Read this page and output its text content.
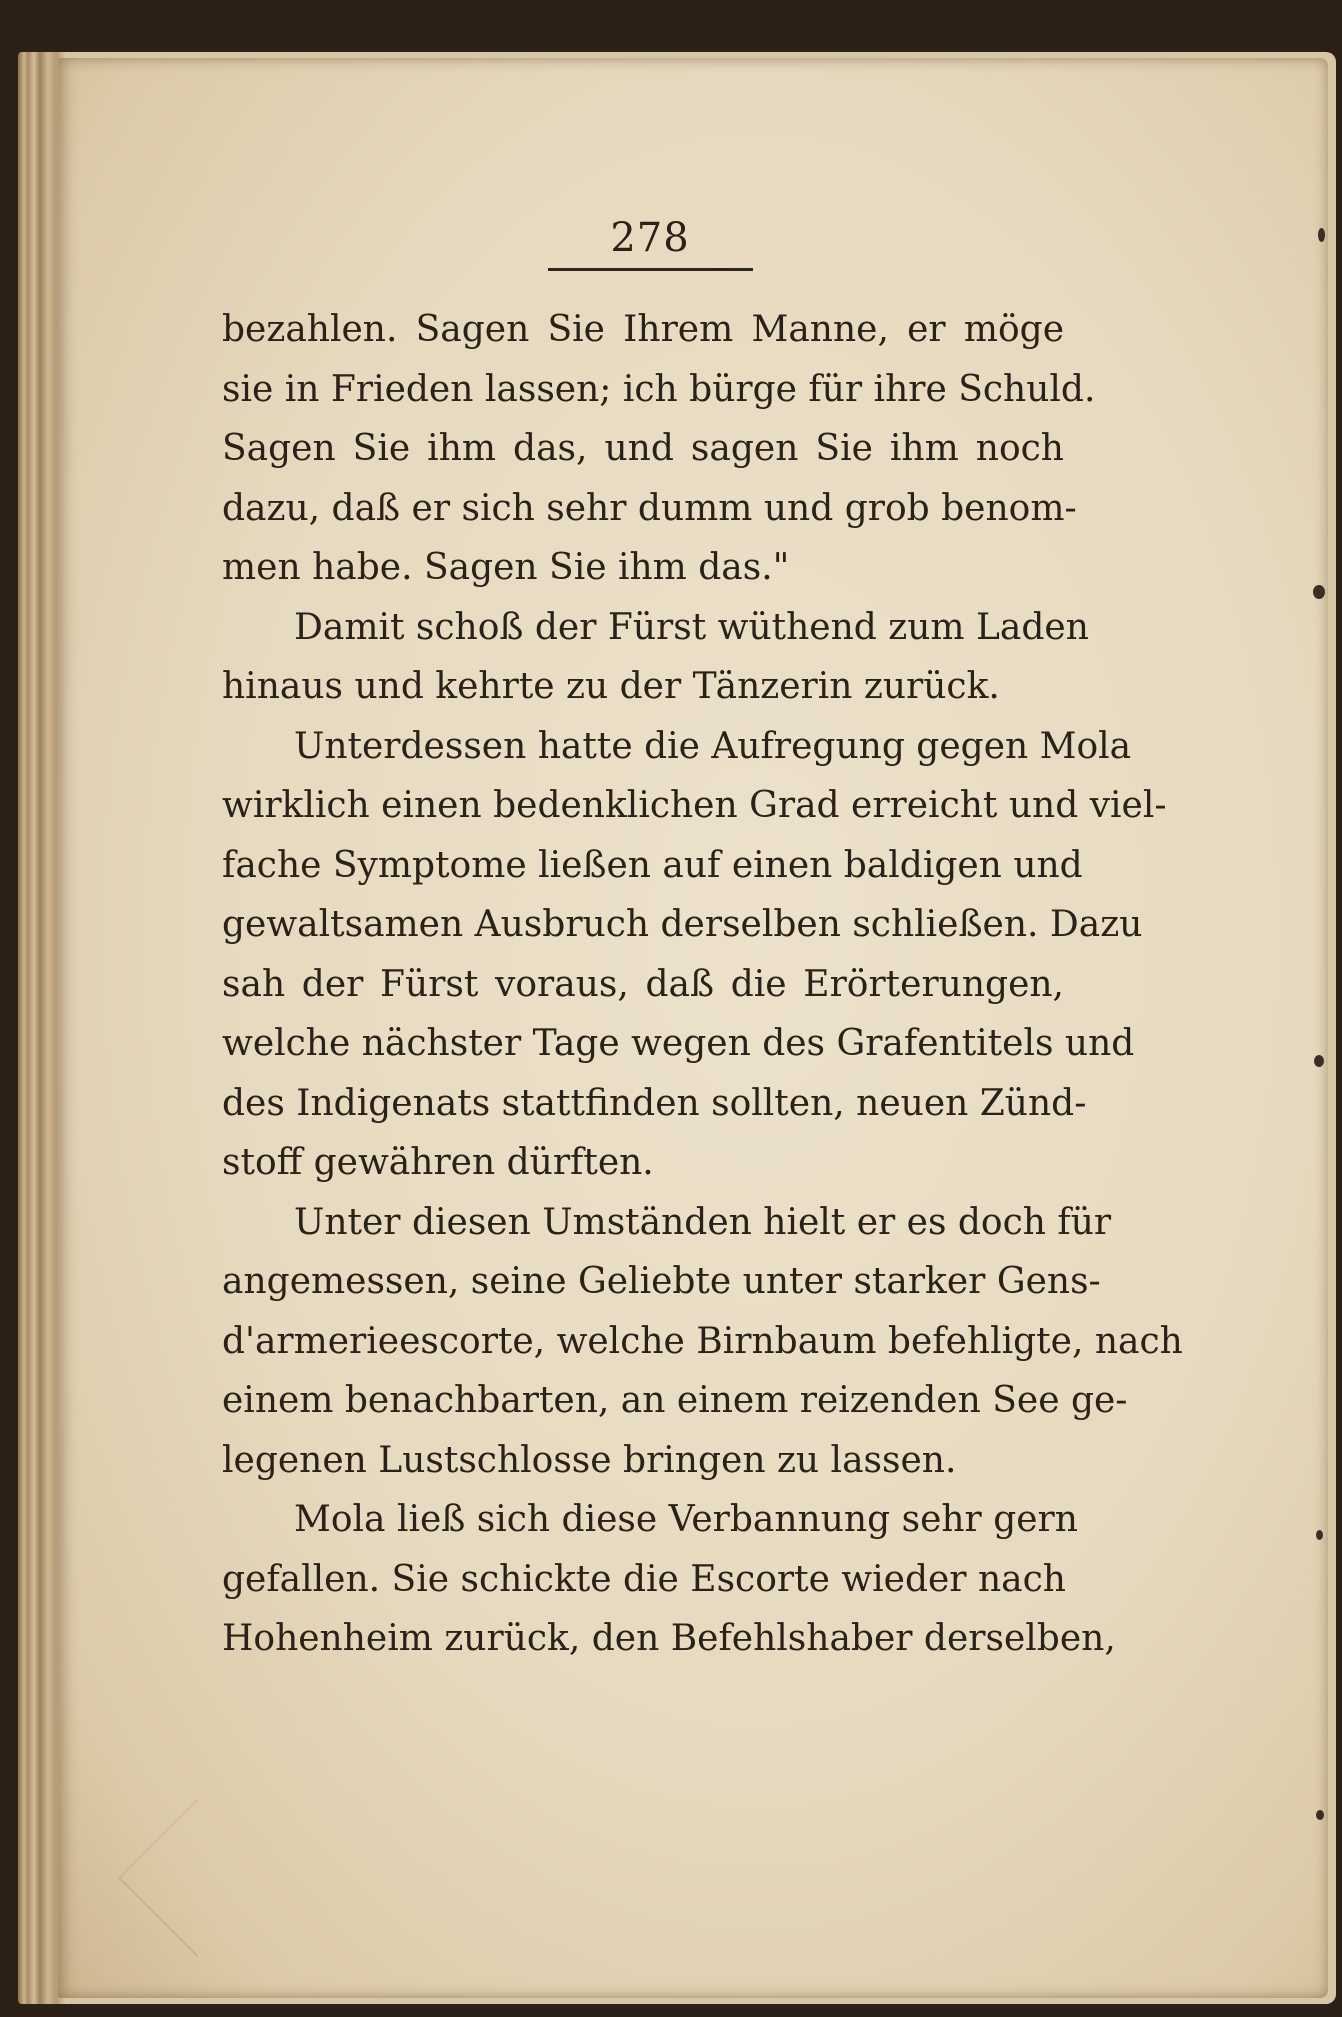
278
bezahlen. Sagen Sie Ihrem Manne, er möge
sie in Frieden lassen; ich bürge für ihre Schuld.
Sagen Sie ihm das, und sagen Sie ihm noch
dazu, daß er sich sehr dumm und grob benom-
men habe. Sagen Sie ihm das."
Damit schoß der Fürst wüthend zum Laden
hinaus und kehrte zu der Tänzerin zurück.
Unterdessen hatte die Aufregung gegen Mola
wirklich einen bedenklichen Grad erreicht und viel-
fache Symptome ließen auf einen baldigen und
gewaltsamen Ausbruch derselben schließen. Dazu
sah der Fürst voraus, daß die Erörterungen,
welche nächster Tage wegen des Grafentitels und
des Indigenats stattfinden sollten, neuen Zünd-
stoff gewähren dürften.
Unter diesen Umständen hielt er es doch für
angemessen, seine Geliebte unter starker Gens-
d'armerieescorte, welche Birnbaum befehligte, nach
einem benachbarten, an einem reizenden See ge-
legenen Lustschlosse bringen zu lassen.
Mola ließ sich diese Verbannung sehr gern
gefallen. Sie schickte die Escorte wieder nach
Hohenheim zurück, den Befehlshaber derselben,
